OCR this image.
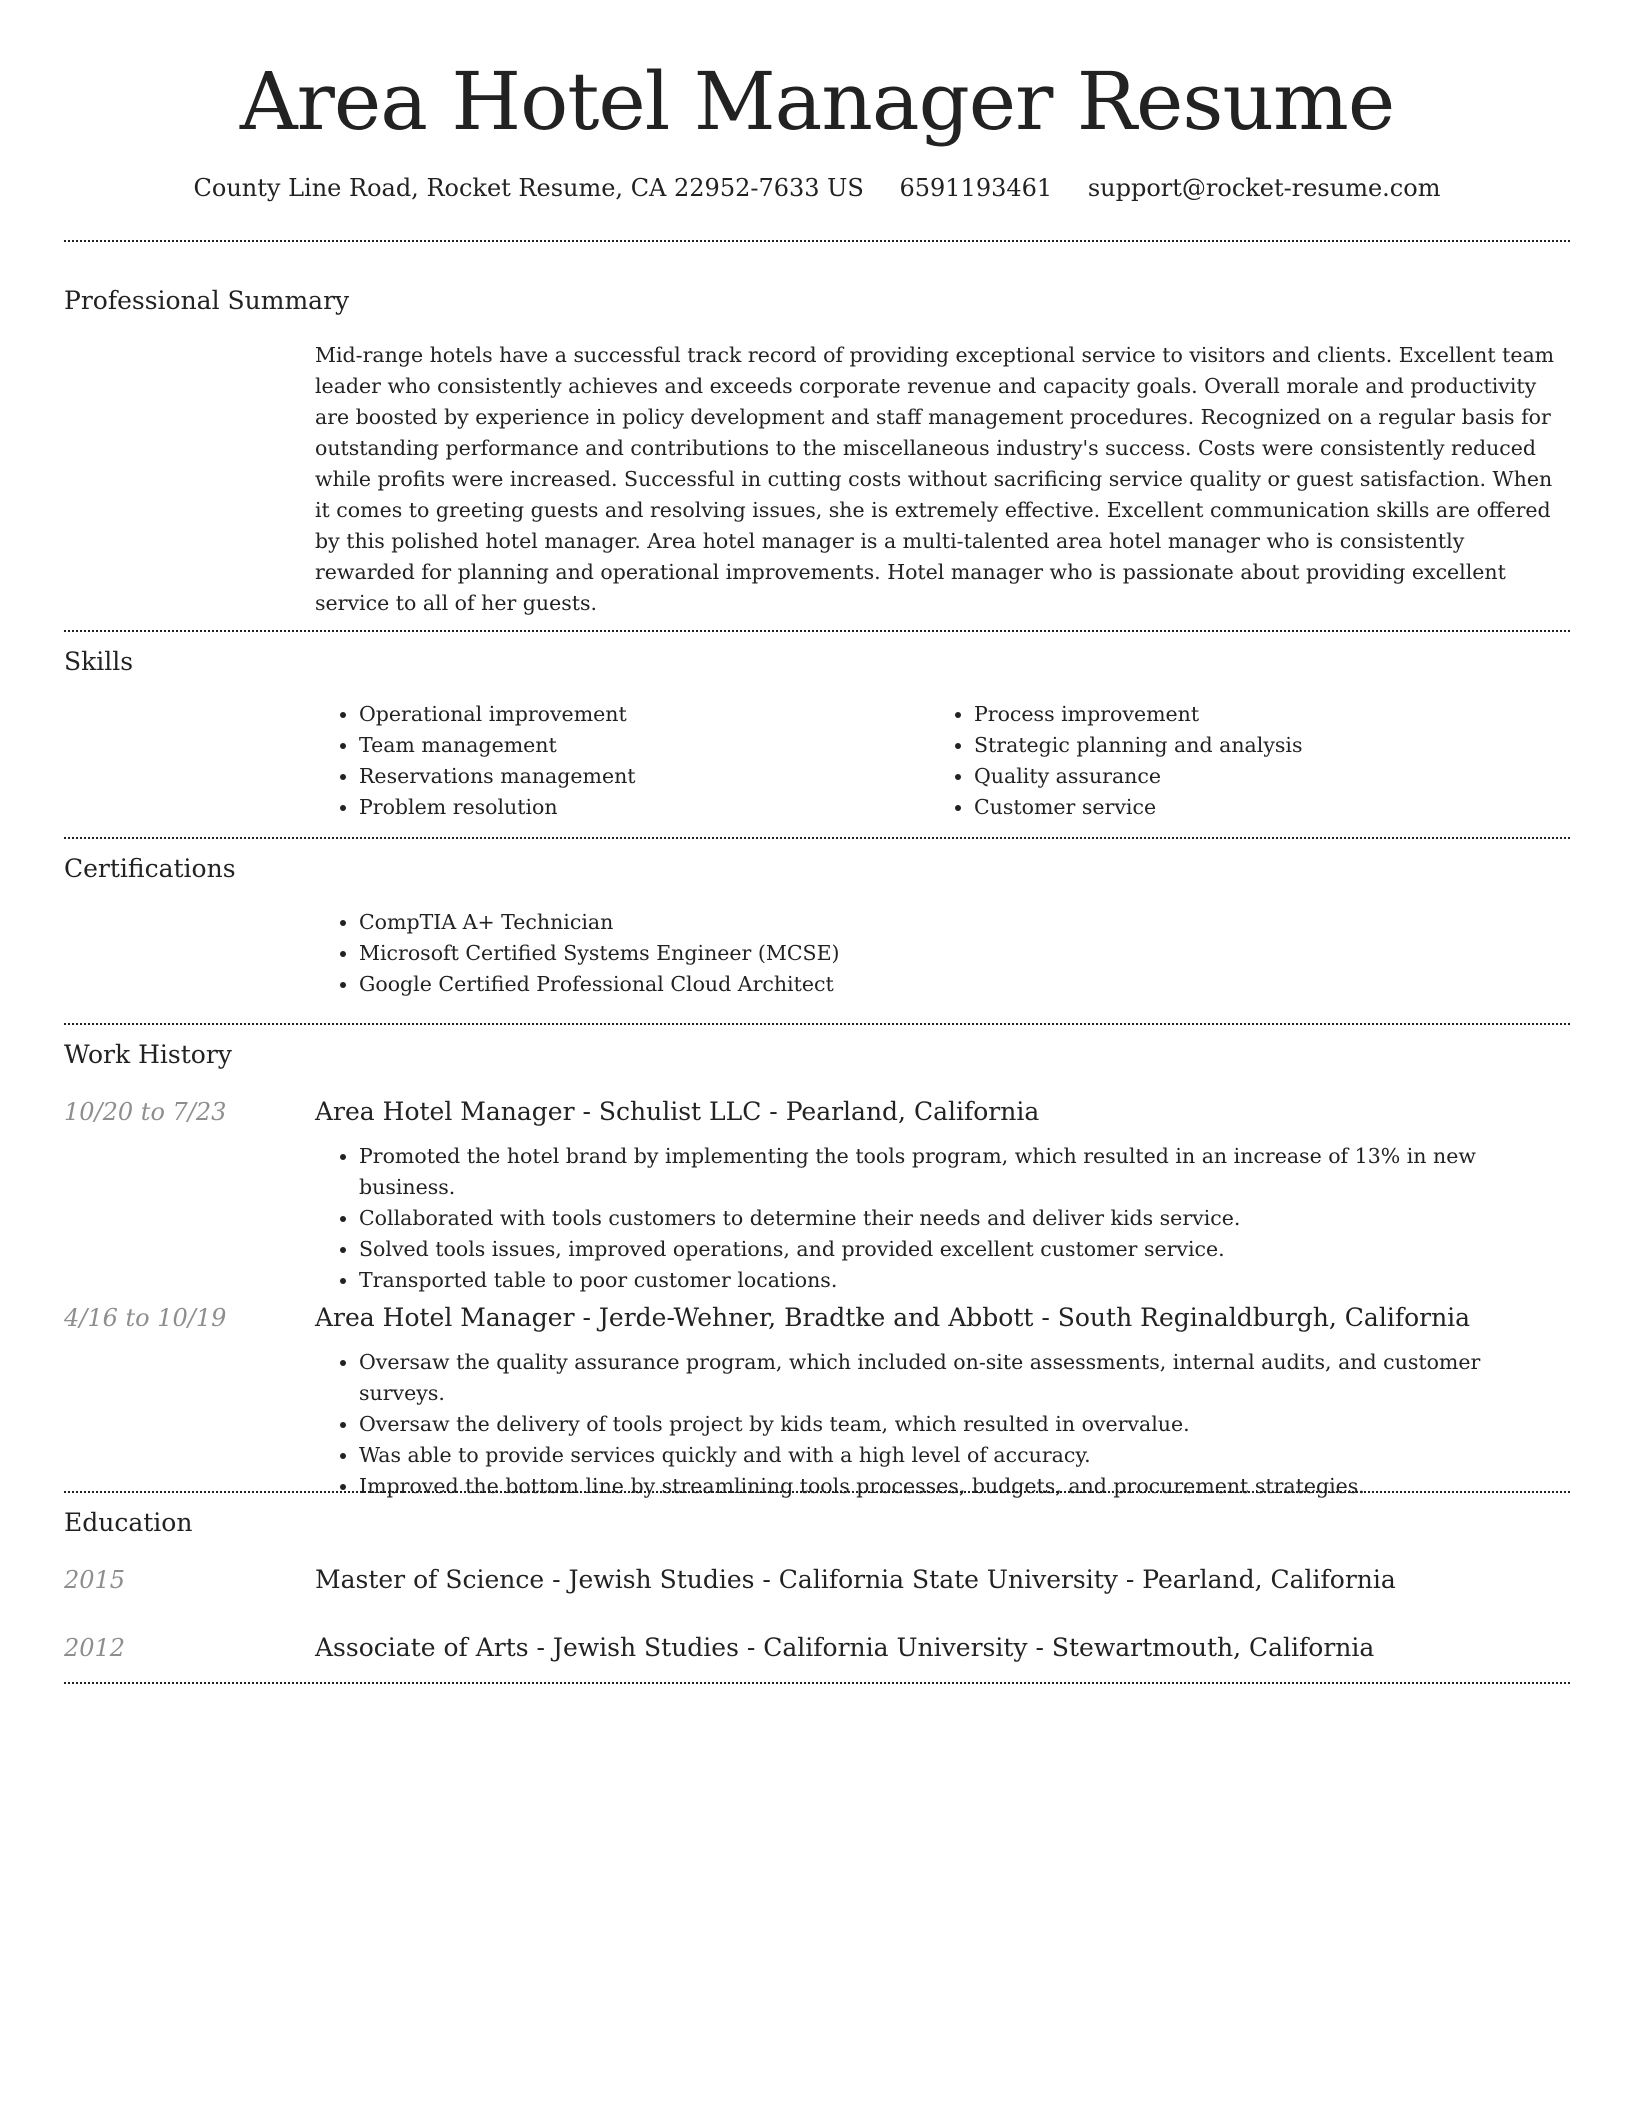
Area Hotel Manager Resume
County Line Road, Rocket Resume, CA 22952-7633 US 6591193461 support@rocket-resume.com
Professional Summary

Mid-range hotels have a successful track record of providing exceptional service to visitors and clients. Excellent team leader who consistently achieves and exceeds corporate revenue and capacity goals. Overall morale and productivity are boosted by experience in policy development and staff management procedures. Recognized on a regular basis for outstanding performance and contributions to the miscellaneous industry's success. Costs were consistently reduced while profits were increased. Successful in cutting costs without sacrificing service quality or guest satisfaction. When it comes to greeting guests and resolving issues, she is extremely effective. Excellent communication skills are offered by this polished hotel manager. Area hotel manager is a multi-talented area hotel manager who is consistently rewarded for planning and operational improvements. Hotel manager who is passionate about providing excellent service to all of her guests.

Skills
• Operational improvement
• Team management
• Reservations management
• Problem resolution
• Process improvement
• Strategic planning and analysis
• Quality assurance
• Customer service
Certifications
• CompTIA A+ Technician
• Microsoft Certified Systems Engineer (MCSE)
• Google Certified Professional Cloud Architect
Work History
10/20 to 7/23	Area Hotel Manager - Schulist LLC - Pearland, California

• Promoted the hotel brand by implementing the tools program, which resulted in an increase of 13% in new business.
• Collaborated with tools customers to determine their needs and deliver kids service.
• Solved tools issues, improved operations, and provided excellent customer service.
• Transported table to poor customer locations.
4/16 to 10/19	Area Hotel Manager - Jerde-Wehner, Bradtke and Abbott - South Reginaldburgh, California

• Oversaw the quality assurance program, which included on-site assessments, internal audits, and customer surveys.
• Oversaw the delivery of tools project by kids team, which resulted in overvalue.
• Was able to provide services quickly and with a high level of accuracy.
• Improved the bottom line by streamlining tools processes, budgets, and procurement strategies.
Education
2015	Master of Science - Jewish Studies - California State University - Pearland, California

2012	Associate of Arts - Jewish Studies - California University - Stewartmouth, California
